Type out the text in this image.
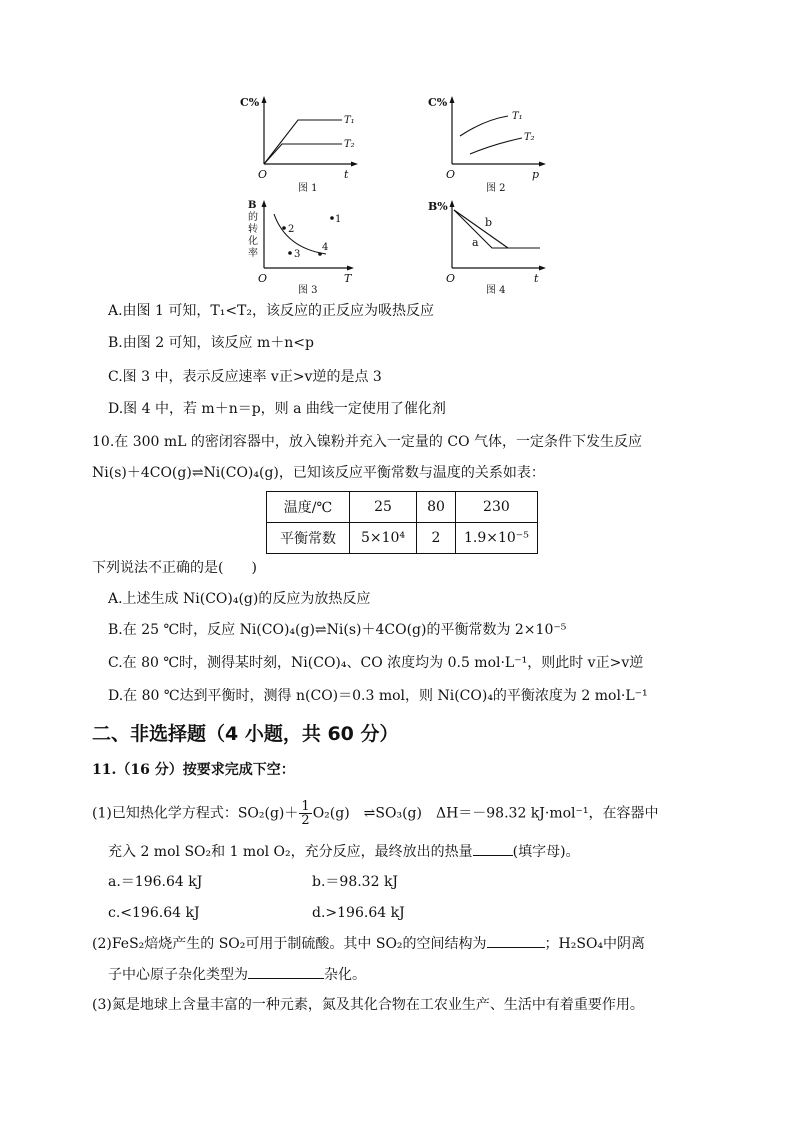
C%
O	t
T₁
T₂
图 1
C%
O	p
T₁
T₂
图 2
B
的
转
化
率
2
1
3
4
O	T
图 3
B%
b
a
O	t
图 4
A.由图 1 可知，T₁<T₂，该反应的正反应为吸热反应
B.由图 2 可知，该反应 m＋n<p
C.图 3 中，表示反应速率 v正>v逆的是点 3
D.图 4 中，若 m＋n＝p，则 a 曲线一定使用了催化剂
10.在 300 mL 的密闭容器中，放入镍粉并充入一定量的 CO 气体，一定条件下发生反应
Ni(s)＋4CO(g)⇌Ni(CO)₄(g)，已知该反应平衡常数与温度的关系如表：
温度/℃	25	80	230
平衡常数	5×10⁴	2	1.9×10⁻⁵
下列说法不正确的是(　　)
A.上述生成 Ni(CO)₄(g)的反应为放热反应
B.在 25 ℃时，反应 Ni(CO)₄(g)⇌Ni(s)＋4CO(g)的平衡常数为 2×10⁻⁵
C.在 80 ℃时，测得某时刻，Ni(CO)₄、CO 浓度均为 0.5 mol·L⁻¹，则此时 v正>v逆
D.在 80 ℃达到平衡时，测得 n(CO)＝0.3 mol，则 Ni(CO)₄的平衡浓度为 2 mol·L⁻¹
二、非选择题（4 小题，共 60 分）
11.（16 分）按要求完成下空：
(1)已知热化学方程式：$SO_2(g)+ \frac{1}{2} O_2(g)$　⇌SO₃(g)　ΔH＝－98.32 kJ·mol⁻¹，在容器中
充入 2 mol SO₂和 1 mol O₂，充分反应，最终放出的热量	(填字母)。
a.＝196.64 kJ	b.＝98.32 kJ
c.<196.64 kJ	d.>196.64 kJ
(2)FeS₂焙烧产生的 SO₂可用于制硫酸。其中 SO₂的空间结构为	；H₂SO₄中阴离
子中心原子杂化类型为	杂化。
(3)氮是地球上含量丰富的一种元素，氮及其化合物在工农业生产、生活中有着重要作用。
